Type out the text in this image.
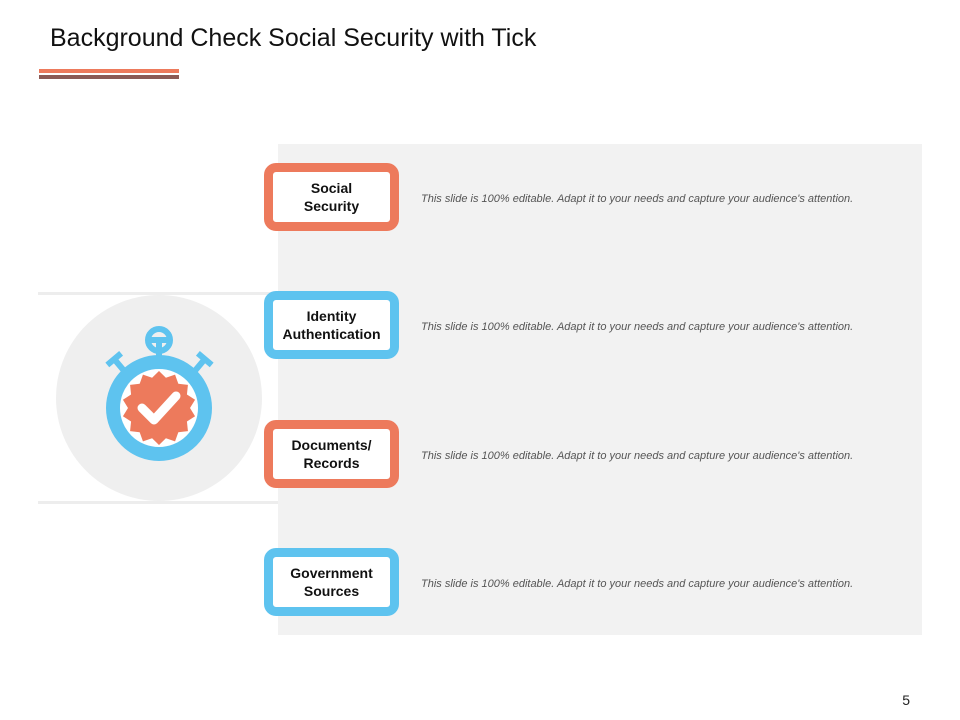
Background Check Social Security with Tick
Social
Security	This slide is 100% editable. Adapt it to your needs and capture your audience's attention.
Identity
Authentication	This slide is 100% editable. Adapt it to your needs and capture your audience's attention.
Documents/
Records	This slide is 100% editable. Adapt it to your needs and capture your audience's attention.
Government
Sources	This slide is 100% editable. Adapt it to your needs and capture your audience's attention.
5
